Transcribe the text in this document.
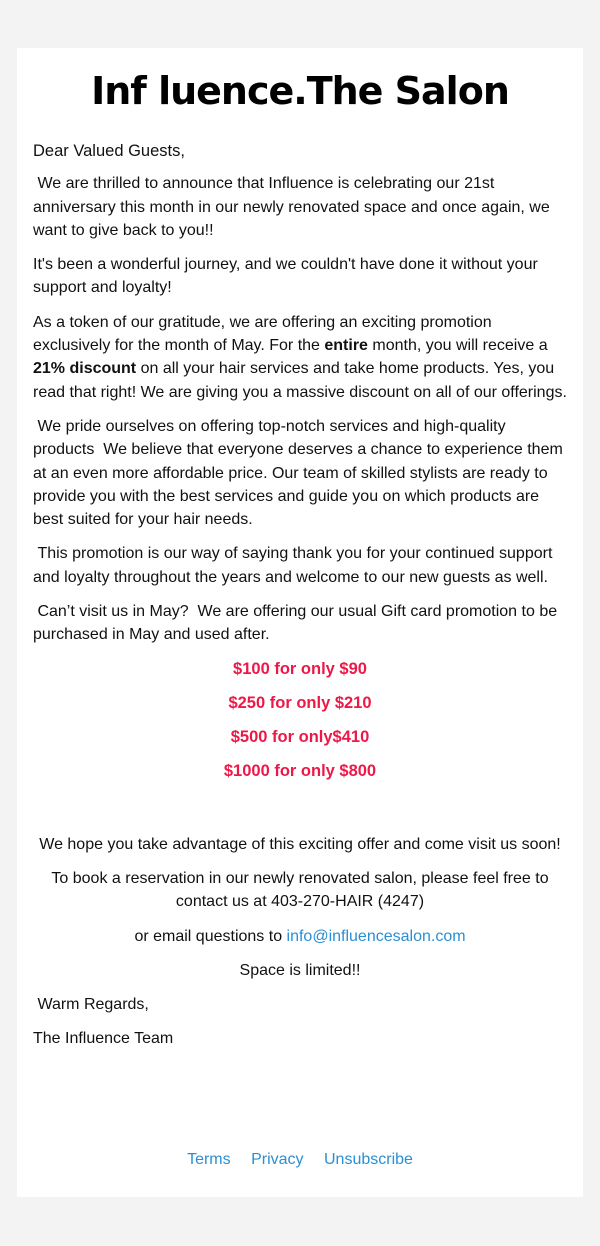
Inf luence.The Salon

Dear Valued Guests,

We are thrilled to announce that Influence is celebrating our 21st anniversary this month in our newly renovated space and once again, we want to give back to you!!

It's been a wonderful journey, and we couldn't have done it without your support and loyalty!

As a token of our gratitude, we are offering an exciting promotion exclusively for the month of May. For the entire month, you will receive a 21% discount on all your hair services and take home products. Yes, you read that right! We are giving you a massive discount on all of our offerings.

We pride ourselves on offering top-notch services and high-quality products  We believe that everyone deserves a chance to experience them at an even more affordable price. Our team of skilled stylists are ready to provide you with the best services and guide you on which products are best suited for your hair needs.

This promotion is our way of saying thank you for your continued support and loyalty throughout the years and welcome to our new guests as well.

Can’t visit us in May?  We are offering our usual Gift card promotion to be purchased in May and used after.

$100 for only $90
$250 for only $210
$500 for only$410
$1000 for only $800

We hope you take advantage of this exciting offer and come visit us soon!

To book a reservation in our newly renovated salon, please feel free to contact us at 403-270-HAIR (4247)

or email questions to info@influencesalon.com

Space is limited!!

Warm Regards,

The Influence Team

Terms Privacy Unsubscribe
